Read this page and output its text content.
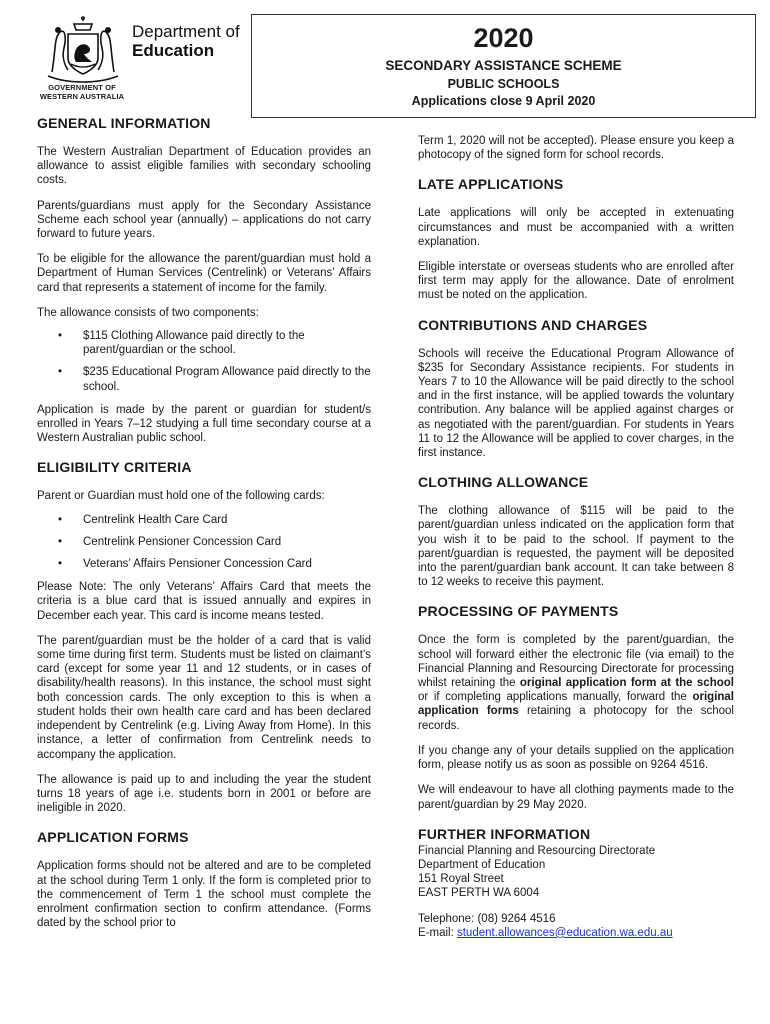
Department of
Education
GOVERNMENT OF
WESTERN AUSTRALIA
2020
SECONDARY ASSISTANCE SCHEME
PUBLIC SCHOOLS
Applications close 9 April 2020
GENERAL INFORMATION

The Western Australian Department of Education provides an allowance to assist eligible families with secondary schooling costs.

Parents/guardians must apply for the Secondary Assistance Scheme each school year (annually) – applications do not carry forward to future years.

To be eligible for the allowance the parent/guardian must hold a Department of Human Services (Centrelink) or Veterans’ Affairs card that represents a statement of income for the family.

The allowance consists of two components:

• $115 Clothing Allowance paid directly to the parent/guardian or the school.
• $235 Educational Program Allowance paid directly to the school.

Application is made by the parent or guardian for student/s enrolled in Years 7–12 studying a full time secondary course at a Western Australian public school.

ELIGIBILITY CRITERIA

Parent or Guardian must hold one of the following cards:

• Centrelink Health Care Card
• Centrelink Pensioner Concession Card
• Veterans’ Affairs Pensioner Concession Card

Please Note: The only Veterans’ Affairs Card that meets the criteria is a blue card that is issued annually and expires in December each year. This card is income means tested.

The parent/guardian must be the holder of a card that is valid some time during first term. Students must be listed on claimant’s card (except for some year 11 and 12 students, or in cases of disability/health reasons). In this instance, the school must sight both concession cards. The only exception to this is when a student holds their own health care card and has been declared independent by Centrelink (e.g. Living Away from Home). In this instance, a letter of confirmation from Centrelink needs to accompany the application.

The allowance is paid up to and including the year the student turns 18 years of age i.e. students born in 2001 or before are ineligible in 2020.

APPLICATION FORMS

Application forms should not be altered and are to be completed at the school during Term 1 only. If the form is completed prior to the commencement of Term 1 the school must complete the enrolment confirmation section to confirm attendance. (Forms dated by the school prior to

Term 1, 2020 will not be accepted). Please ensure you keep a photocopy of the signed form for school records.

LATE APPLICATIONS

Late applications will only be accepted in extenuating circumstances and must be accompanied with a written explanation.

Eligible interstate or overseas students who are enrolled after first term may apply for the allowance. Date of enrolment must be noted on the application.

CONTRIBUTIONS AND CHARGES

Schools will receive the Educational Program Allowance of $235 for Secondary Assistance recipients. For students in Years 7 to 10 the Allowance will be paid directly to the school and in the first instance, will be applied towards the voluntary contribution. Any balance will be applied against charges or as negotiated with the parent/guardian. For students in Years 11 to 12 the Allowance will be applied to cover charges, in the first instance.

CLOTHING ALLOWANCE

The clothing allowance of $115 will be paid to the parent/guardian unless indicated on the application form that you wish it to be paid to the school. If payment to the parent/guardian is requested, the payment will be deposited into the parent/guardian bank account. It can take between 8 to 12 weeks to receive this payment.

PROCESSING OF PAYMENTS

Once the form is completed by the parent/guardian, the school will forward either the electronic file (via email) to the Financial Planning and Resourcing Directorate for processing whilst retaining the original application form at the school or if completing applications manually, forward the original application forms retaining a photocopy for the school records.

If you change any of your details supplied on the application form, please notify us as soon as possible on 9264 4516.

We will endeavour to have all clothing payments made to the parent/guardian by 29 May 2020.

FURTHER INFORMATION
Financial Planning and Resourcing Directorate
Department of Education
151 Royal Street
EAST PERTH WA 6004
Telephone: (08) 9264 4516
E-mail: student.allowances@education.wa.edu.au
